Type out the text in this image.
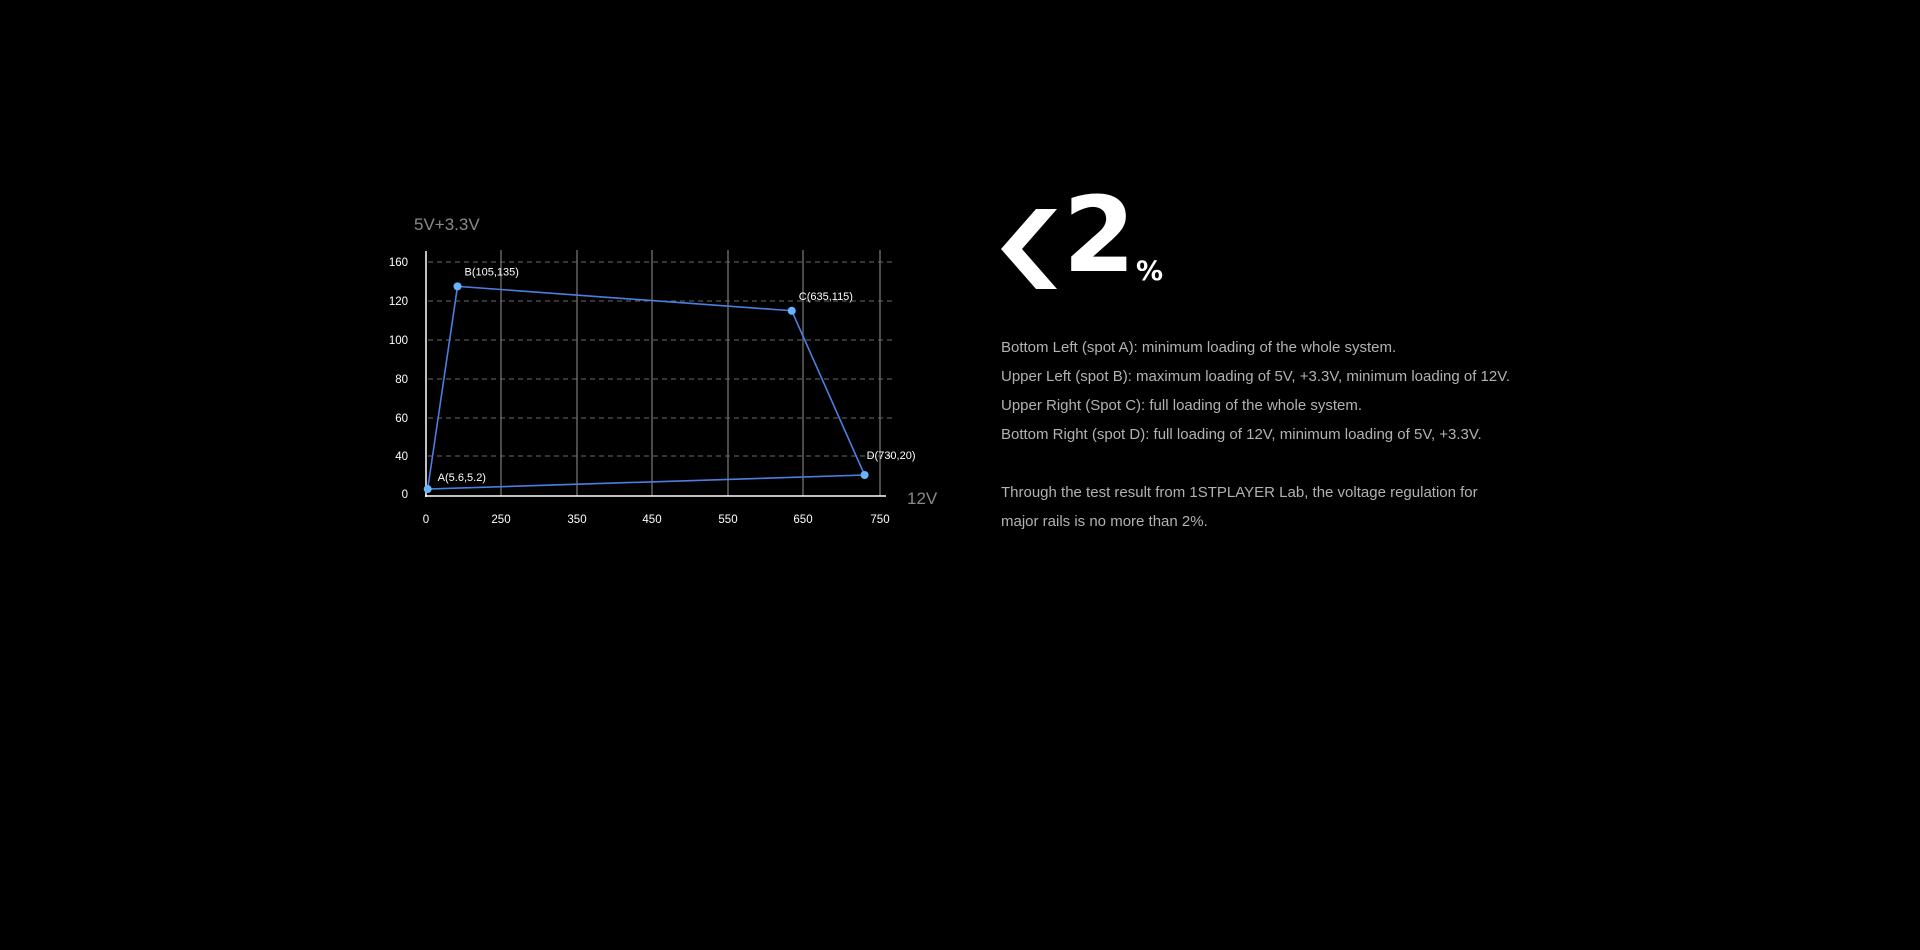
0
40
60
80
100
120
160
0	250	350	450	550	650	750
5V+3.3V
12V
A(5.6,5.2)
B(105,135)
C(635,115)
D(730,20)
2 %
Bottom Left (spot A): minimum loading of the whole system.
Upper Left (spot B): maximum loading of 5V, +3.3V, minimum loading of 12V.
Upper Right (Spot C): full loading of the whole system.
Bottom Right (spot D): full loading of 12V, minimum loading of 5V, +3.3V.
Through the test result from 1STPLAYER Lab, the voltage regulation for
major rails is no more than 2%.
